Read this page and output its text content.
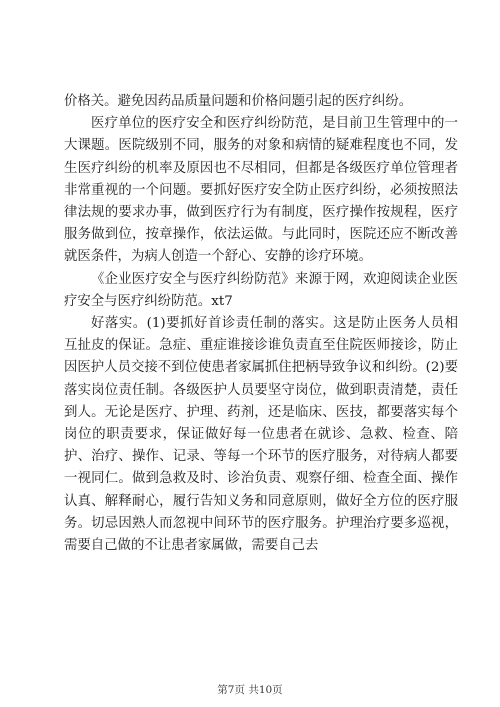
价格关。避免因药品质量问题和价格问题引起的医疗纠纷。

医疗单位的医疗安全和医疗纠纷防范，是目前卫生管理中的一大课题。医院级别不同，服务的对象和病情的疑难程度也不同，发生医疗纠纷的机率及原因也不尽相同，但都是各级医疗单位管理者非常重视的一个问题。要抓好医疗安全防止医疗纠纷，必须按照法律法规的要求办事，做到医疗行为有制度，医疗操作按规程，医疗服务做到位，按章操作，依法运做。与此同时，医院还应不断改善就医条件，为病人创造一个舒心、安静的诊疗环境。

《企业医疗安全与医疗纠纷防范》来源于网，欢迎阅读企业医疗安全与医疗纠纷防范。xt7

好落实。(1)要抓好首诊责任制的落实。这是防止医务人员相互扯皮的保证。急症、重症谁接诊谁负责直至住院医师接诊，防止因医护人员交接不到位使患者家属抓住把柄导致争议和纠纷。(2)要落实岗位责任制。各级医护人员要坚守岗位，做到职责清楚，责任到人。无论是医疗、护理、药剂，还是临床、医技，都要落实每个岗位的职责要求，保证做好每一位患者在就诊、急救、检查、陪护、治疗、操作、记录、等每一个环节的医疗服务，对待病人都要一视同仁。做到急救及时、诊治负责、观察仔细、检查全面、操作认真、解释耐心，履行告知义务和同意原则，做好全方位的医疗服务。切忌因熟人而忽视中间环节的医疗服务。护理治疗要多巡视，需要自己做的不让患者家属做，需要自己去

第7页 共10页
